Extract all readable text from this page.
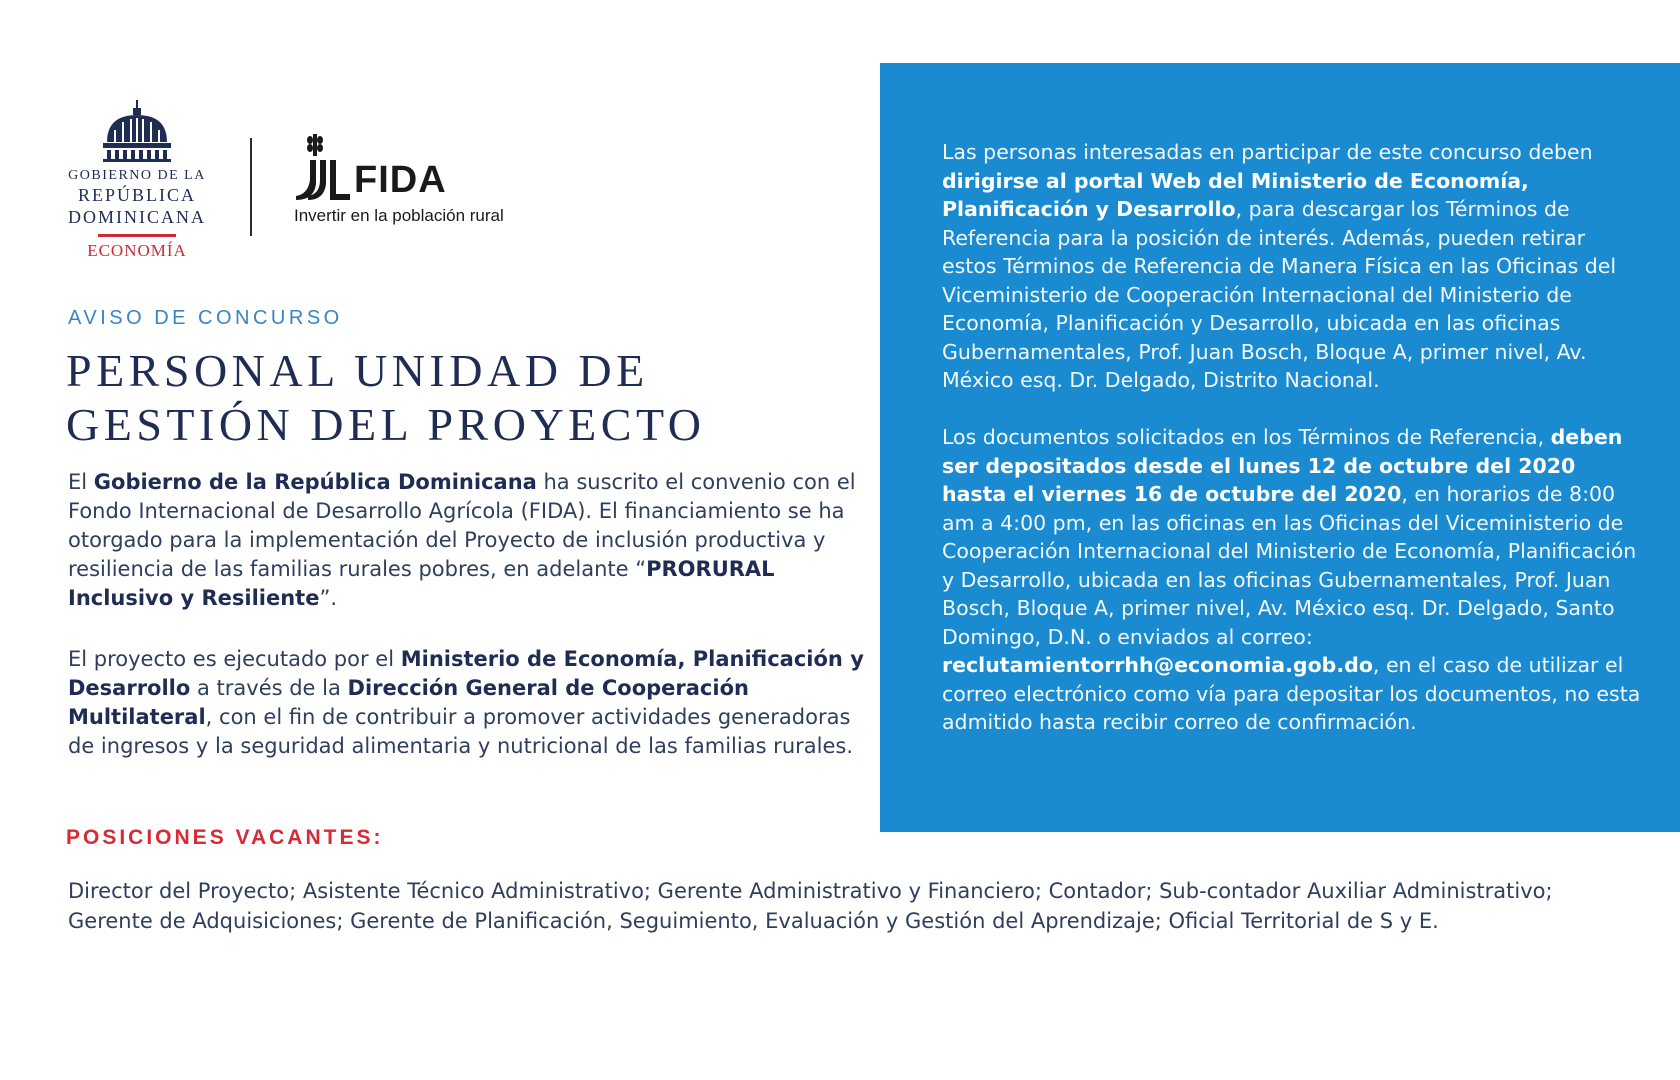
GOBIERNO DE LA
REPÚBLICA
DOMINICANA
ECONOMÍA
FIDA
Invertir en la población rural
AVISO DE CONCURSO
PERSONAL UNIDAD DE
GESTIÓN DEL PROYECTO
El Gobierno de la República Dominicana ha suscrito el convenio con el Fondo Internacional de Desarrollo Agrícola (FIDA). El financiamiento se ha otorgado para la implementación del Proyecto de inclusión productiva y resiliencia de las familias rurales pobres, en adelante “PRORURAL Inclusivo y Resiliente”.
El proyecto es ejecutado por el Ministerio de Economía, Planificación y Desarrollo a través de la Dirección General de Cooperación Multilateral, con el fin de contribuir a promover actividades generadoras de ingresos y la seguridad alimentaria y nutricional de las familias rurales.
POSICIONES VACANTES:
Director del Proyecto; Asistente Técnico Administrativo; Gerente Administrativo y Financiero; Contador; Sub-contador Auxiliar Administrativo; Gerente de Adquisiciones; Gerente de Planificación, Seguimiento, Evaluación y Gestión del Aprendizaje; Oficial Territorial de S y E.
Las personas interesadas en participar de este concurso deben dirigirse al portal Web del Ministerio de Economía, Planificación y Desarrollo, para descargar los Términos de Referencia para la posición de interés. Además, pueden retirar estos Términos de Referencia de Manera Física en las Oficinas del Viceministerio de Cooperación Internacional del Ministerio de Economía, Planificación y Desarrollo, ubicada en las oficinas Gubernamentales, Prof. Juan Bosch, Bloque A, primer nivel, Av. México esq. Dr. Delgado, Distrito Nacional.
Los documentos solicitados en los Términos de Referencia, deben ser depositados desde el lunes 12 de octubre del 2020 hasta el viernes 16 de octubre del 2020, en horarios de 8:00 am a 4:00 pm, en las oficinas en las Oficinas del Viceministerio de Cooperación Internacional del Ministerio de Economía, Planificación y Desarrollo, ubicada en las oficinas Gubernamentales, Prof. Juan Bosch, Bloque A, primer nivel, Av. México esq. Dr. Delgado, Santo Domingo, D.N. o enviados al correo: reclutamientorrhh@economia.gob.do, en el caso de utilizar el correo electrónico como vía para depositar los documentos, no esta admitido hasta recibir correo de confirmación.
